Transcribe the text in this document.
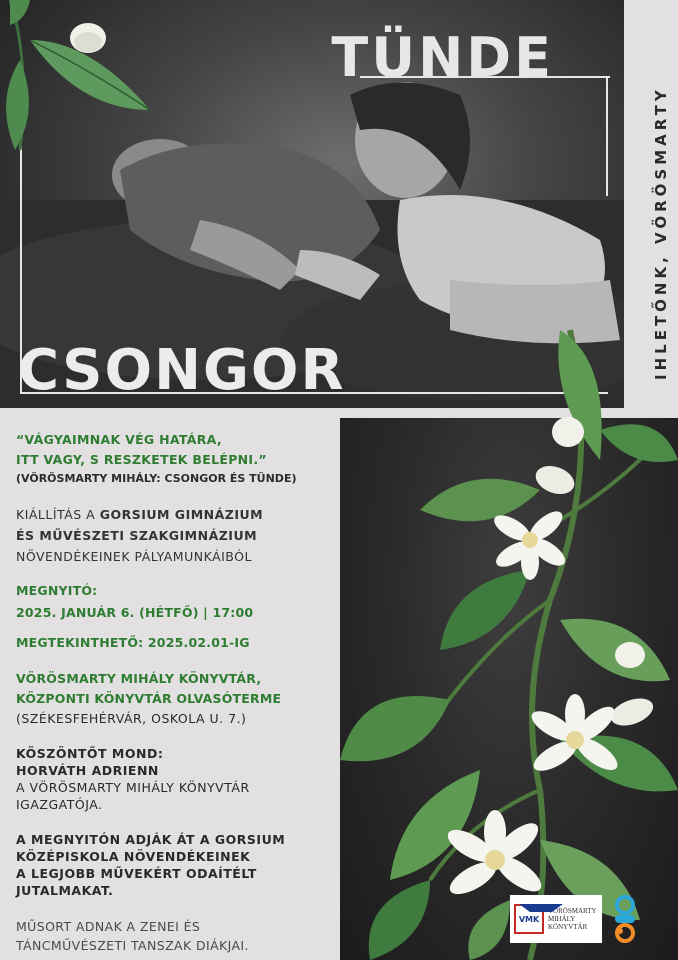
TÜNDE
CSONGOR	IHLETŐNK, VÖRÖSMARTY
“VÁGYAIMNAK VÉG HATÁRA,
ITT VAGY, S RESZKETEK BELÉPNI.”
(VÖRÖSMARTY MIHÁLY: CSONGOR ÉS TÜNDE)
KIÁLLÍTÁS A GORSIUM GIMNÁZIUM
ÉS MŰVÉSZETI SZAKGIMNÁZIUM
NÖVENDÉKEINEK PÁLYAMUNKÁIBÓL
MEGNYITÓ:
2025. JANUÁR 6. (HÉTFŐ) | 17:00
MEGTEKINTHETŐ: 2025.02.01-IG
VÖRÖSMARTY MIHÁLY KÖNYVTÁR,
KÖZPONTI KÖNYVTÁR OLVASÓTERME
(SZÉKESFEHÉRVÁR, OSKOLA U. 7.)
KÖSZÖNTŐT MOND:
HORVÁTH ADRIENN
A VÖRÖSMARTY MIHÁLY KÖNYVTÁR
IGAZGATÓJA.
A MEGNYITÓN ADJÁK ÁT A GORSIUM
KÖZÉPISKOLA NÖVENDÉKEINEK
A LEGJOBB MŰVEKÉRT ODAÍTÉLT
JUTALMAKAT.
MŰSORT ADNAK A ZENEI ÉS
TÁNCMŰVÉSZETI TANSZAK DIÁKJAI.
VMK
VÖRÖSMARTY
MIHÁLY
KÖNYVTÁR
